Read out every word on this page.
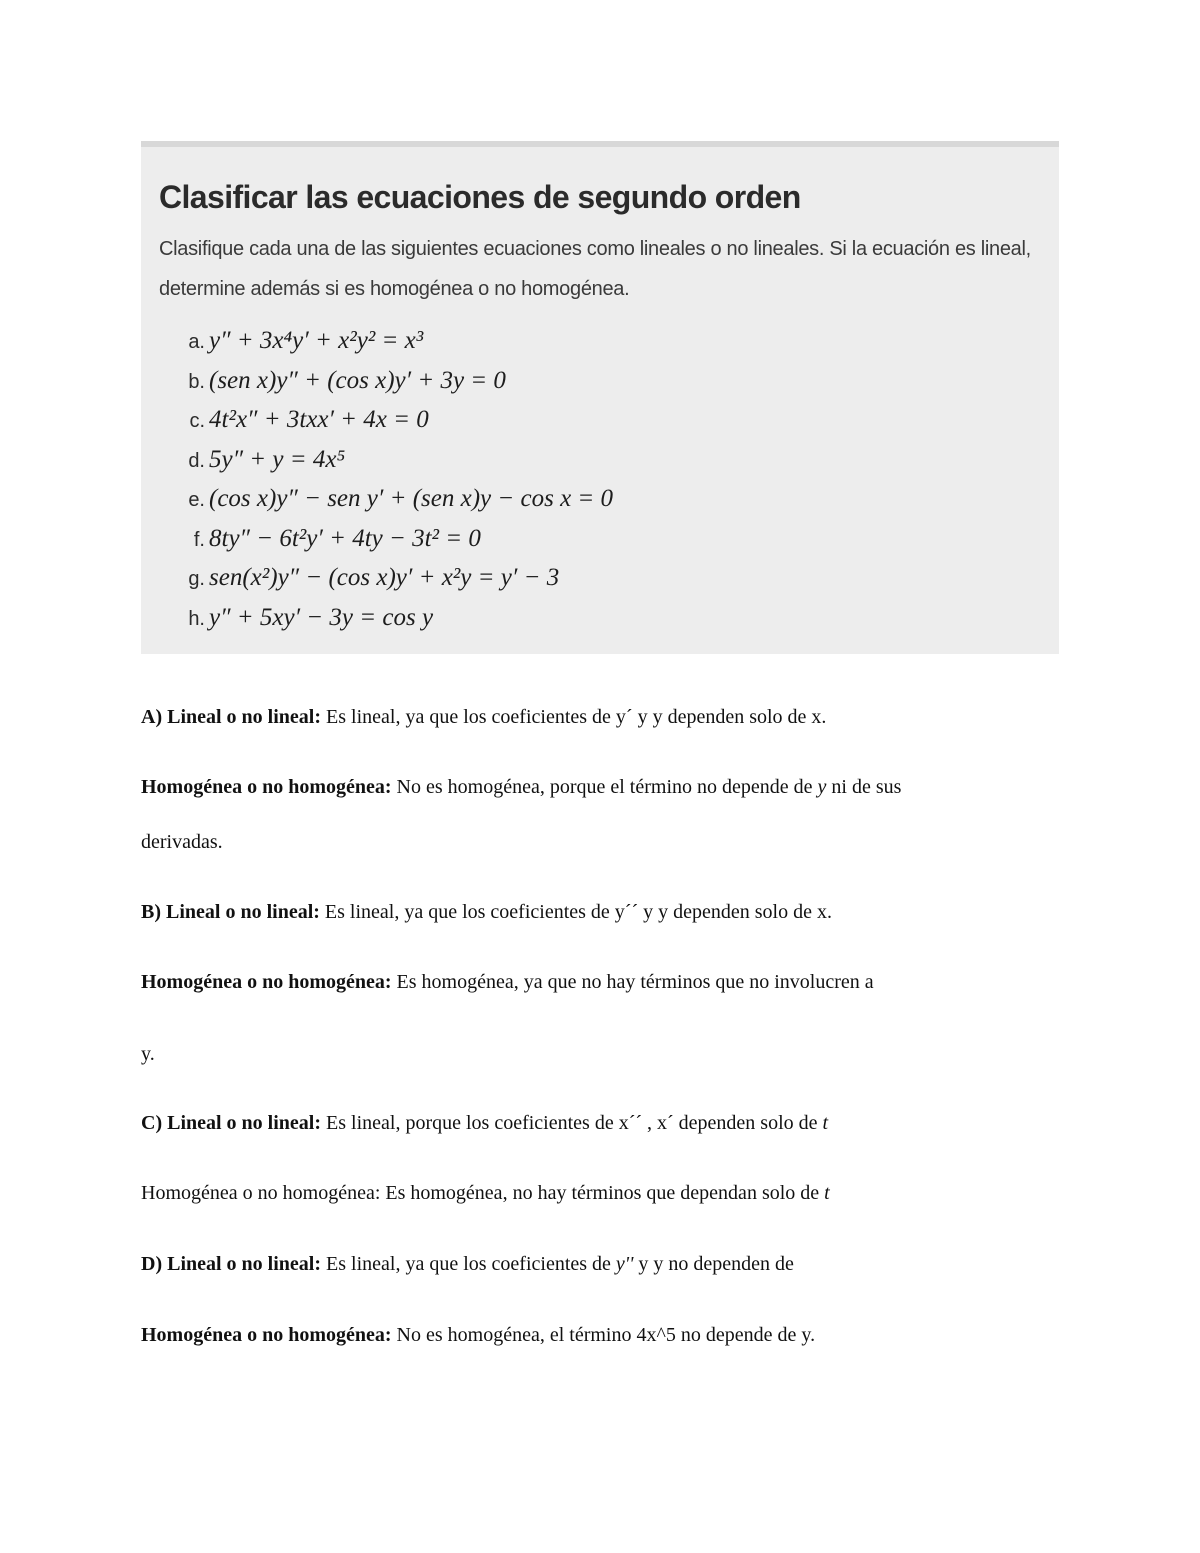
Clasificar las ecuaciones de segundo orden
Clasifique cada una de las siguientes ecuaciones como lineales o no lineales. Si la ecuación es lineal,
determine además si es homogénea o no homogénea.
a. y″ + 3x⁴y′ + x²y² = x³
b. (sen x)y″ + (cos x)y′ + 3y = 0
c. 4t²x″ + 3txx′ + 4x = 0
d. 5y″ + y = 4x⁵
e. (cos x)y″ − sen y′ + (sen x)y − cos x = 0
f. 8ty″ − 6t²y′ + 4ty − 3t² = 0
g. sen(x²)y″ − (cos x)y′ + x²y = y′ − 3
h. y″ + 5xy′ − 3y = cos y
A) Lineal o no lineal: Es lineal, ya que los coeficientes de y´ y y dependen solo de x.
Homogénea o no homogénea: No es homogénea, porque el término no depende de y ni de sus
derivadas.
B) Lineal o no lineal: Es lineal, ya que los coeficientes de y´´ y y dependen solo de x.
Homogénea o no homogénea: Es homogénea, ya que no hay términos que no involucren a
y.
C) Lineal o no lineal: Es lineal, porque los coeficientes de x´´ , x´ dependen solo de t
Homogénea o no homogénea: Es homogénea, no hay términos que dependan solo de t
D) Lineal o no lineal: Es lineal, ya que los coeficientes de y'' y y no dependen de
Homogénea o no homogénea: No es homogénea, el término 4x^5 no depende de y.
